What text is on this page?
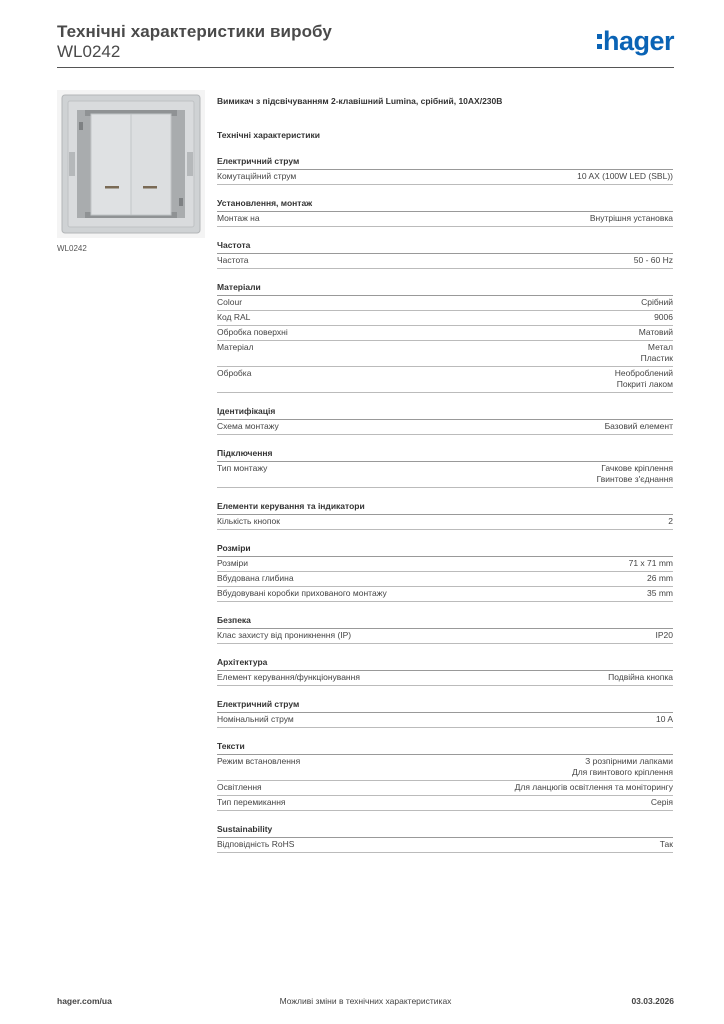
Технічні характеристики виробу
WL0242	hager
WL0242
Вимикач з підсвічуванням 2-клавішний Lumina, срібний, 10AX/230В
Технічні характеристики
Електричний струм
Комутаційний струм	10 AX (100W LED (SBL))
Установлення, монтаж
Монтаж на	Внутрішня установка
Частота
Частота	50 - 60 Hz
Матеріали
Colour	Срібний
Код RAL	9006
Обробка поверхні	Матовий
Матеріал	Метал
Пластик
Обробка	Необроблений
Покриті лаком
Ідентифікація
Схема монтажу	Базовий елемент
Підключення
Тип монтажу	Гачкове кріплення
Гвинтове з'єднання
Елементи керування та індикатори
Кількість кнопок	2
Розміри
Розміри	71 x 71 mm
Вбудована глибина	26 mm
Вбудовувані коробки прихованого монтажу	35 mm
Безпека
Клас захисту від проникнення (IP)	IP20
Архітектура
Елемент керування/функціонування	Подвійна кнопка
Електричний струм
Номінальний струм	10 A
Тексти
Режим встановлення	З розпірними лапками
Для гвинтового кріплення
Освітлення	Для ланцюгів освітлення та моніторингу
Тип перемикання	Серія
Sustainability
Відповідність RoHS	Так
hager.com/ua	Можливі зміни в технічних характеристиках	03.03.2026
